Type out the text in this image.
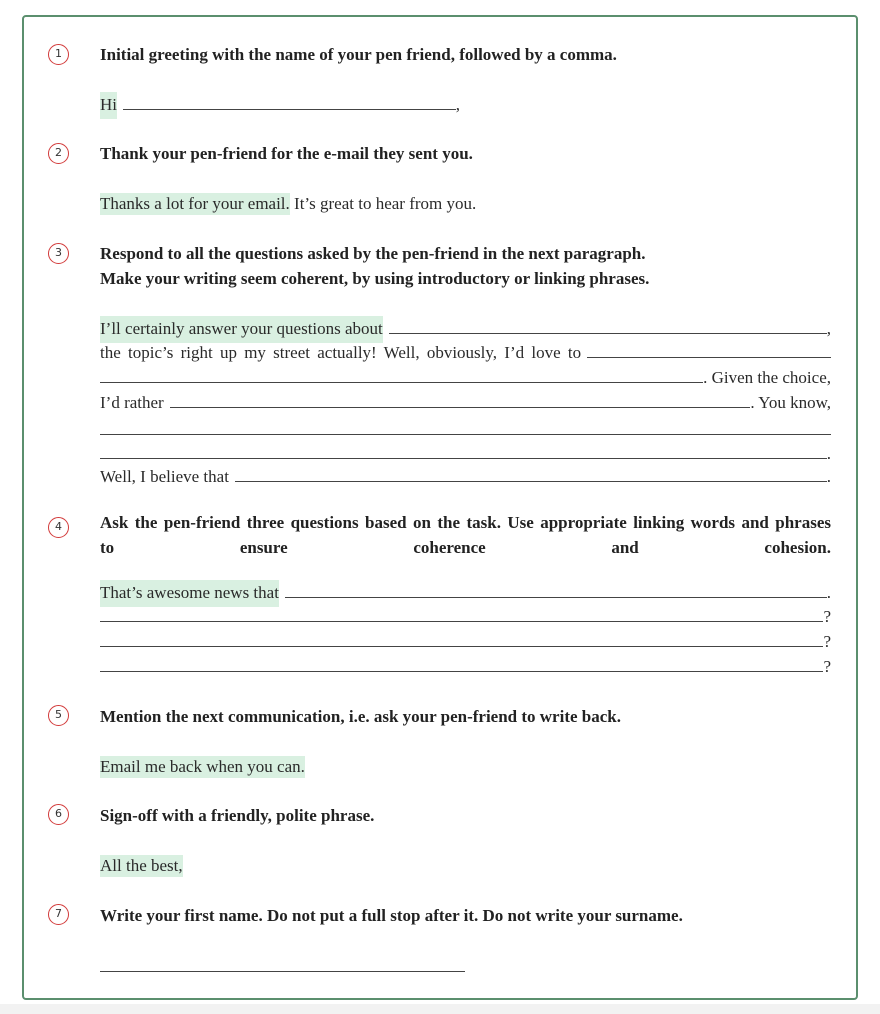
1	Initial greeting with the name of your pen friend, followed by a comma.
Hi	,
2	Thank your pen-friend for the e-mail they sent you.
Thanks a lot for your email. It’s great to hear from you.
3	Respond to all the questions asked by the pen-friend in the next paragraph.
Make your writing seem coherent, by using introductory or linking phrases.
I’ll certainly answer your questions about	,
the topic’s right up my street actually! Well, obviously, I’d love to
. Given the choice,
I’d rather	. You know,
.
Well, I believe that	.
4	Ask the pen-friend three questions based on the task. Use appropriate linking words and phrases to ensure coherence and cohesion.
That’s awesome news that	.
?
?
?
5	Mention the next communication, i.e. ask your pen-friend to write back.
Email me back when you can.
6	Sign-off with a friendly, polite phrase.
All the best,
7	Write your first name. Do not put a full stop after it. Do not write your surname.
